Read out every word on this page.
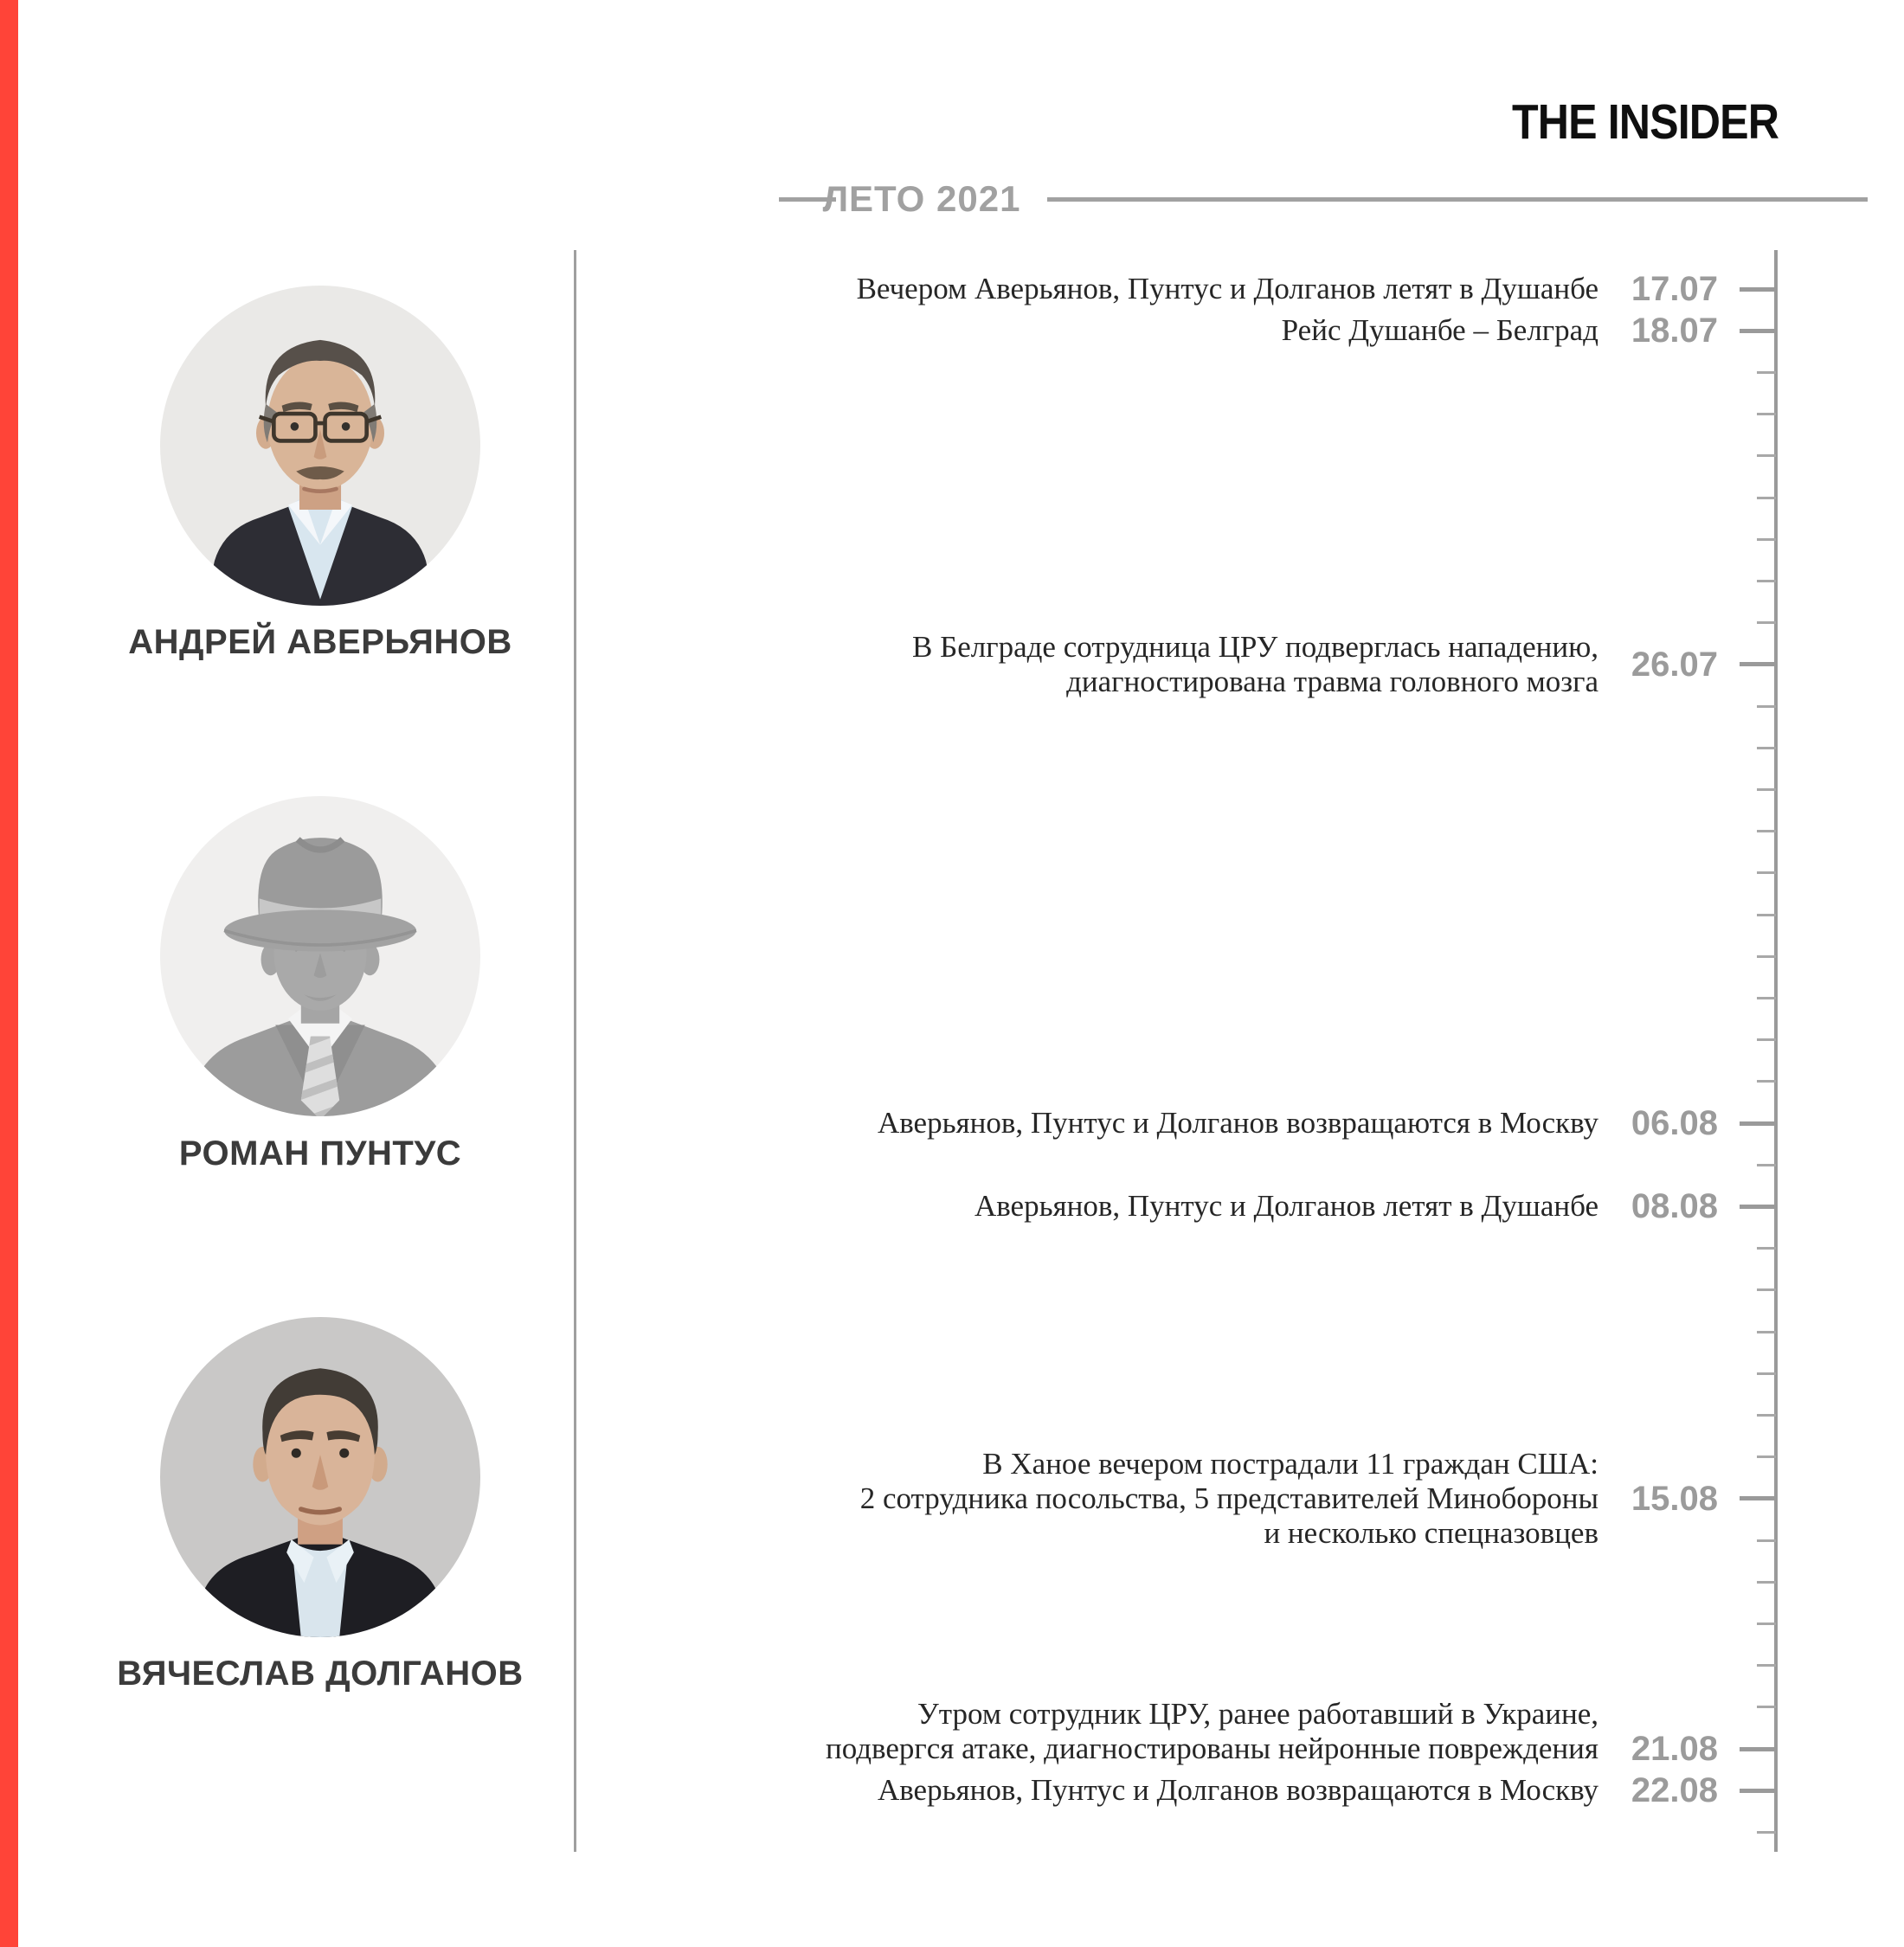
THE INSIDER
ЛЕТО 2021
АНДРЕЙ АВЕРЬЯНОВ
РОМАН ПУНТУС
ВЯЧЕСЛАВ ДОЛГАНОВ
17.07
Вечером Аверьянов, Пунтус и Долганов летят в Душанбе
18.07
Рейс Душанбе – Белград
26.07
В Белграде сотрудница ЦРУ подверглась нападению,
диагностирована травма головного мозга
06.08
Аверьянов, Пунтус и Долганов возвращаются в Москву
08.08
Аверьянов, Пунтус и Долганов летят в Душанбе
15.08
В Ханое вечером пострадали 11 граждан США:
2 сотрудника посольства, 5 представителей Минобороны
и несколько спецназовцев
21.08
Утром сотрудник ЦРУ, ранее работавший в Украине,
подвергся атаке, диагностированы нейронные повреждения
22.08
Аверьянов, Пунтус и Долганов возвращаются в Москву
